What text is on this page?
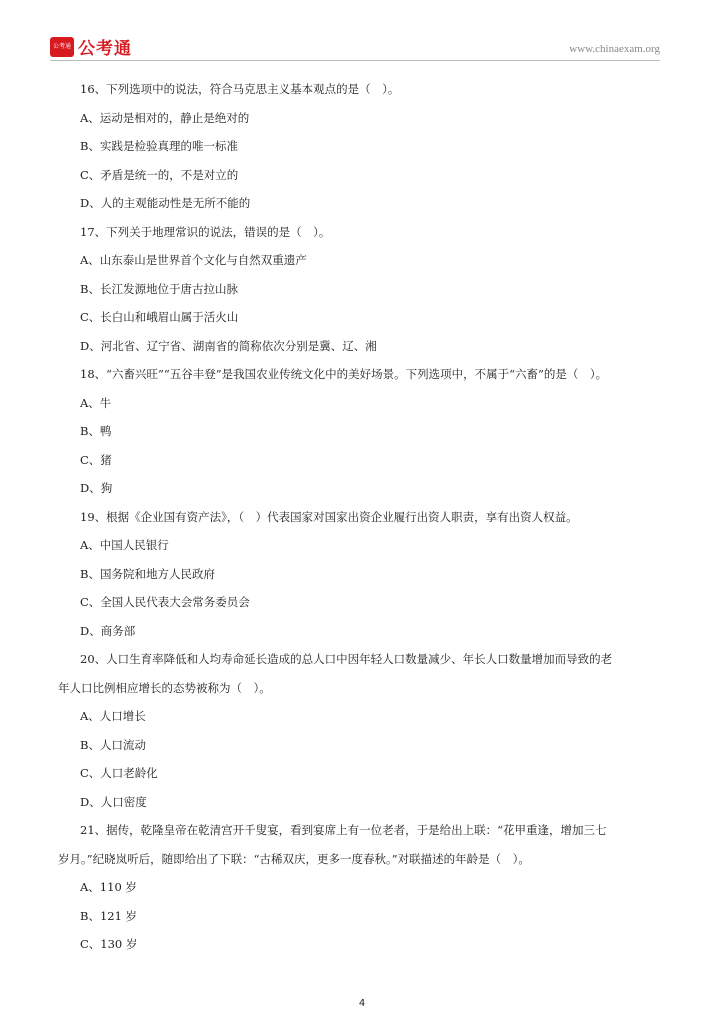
公考通 公考通	www.chinaexam.org
16、下列选项中的说法，符合马克思主义基本观点的是（　）。
A、运动是相对的，静止是绝对的
B、实践是检验真理的唯一标准
C、矛盾是统一的，不是对立的
D、人的主观能动性是无所不能的
17、下列关于地理常识的说法，错误的是（　）。
A、山东泰山是世界首个文化与自然双重遗产
B、长江发源地位于唐古拉山脉
C、长白山和峨眉山属于活火山
D、河北省、辽宁省、湖南省的简称依次分别是冀、辽、湘
18、“六畜兴旺”“五谷丰登”是我国农业传统文化中的美好场景。下列选项中，不属于“六畜”的是（　）。
A、牛
B、鸭
C、猪
D、狗
19、根据《企业国有资产法》，（　）代表国家对国家出资企业履行出资人职责，享有出资人权益。
A、中国人民银行
B、国务院和地方人民政府
C、全国人民代表大会常务委员会
D、商务部
20、人口生育率降低和人均寿命延长造成的总人口中因年轻人口数量减少、年长人口数量增加而导致的老
年人口比例相应增长的态势被称为（　）。
A、人口增长
B、人口流动
C、人口老龄化
D、人口密度
21、据传，乾隆皇帝在乾清宫开千叟宴，看到宴席上有一位老者，于是给出上联：“花甲重逢，增加三七
岁月。”纪晓岚听后，随即给出了下联：“古稀双庆，更多一度春秋。”对联描述的年龄是（　）。
A、110 岁
B、121 岁
C、130 岁
4
